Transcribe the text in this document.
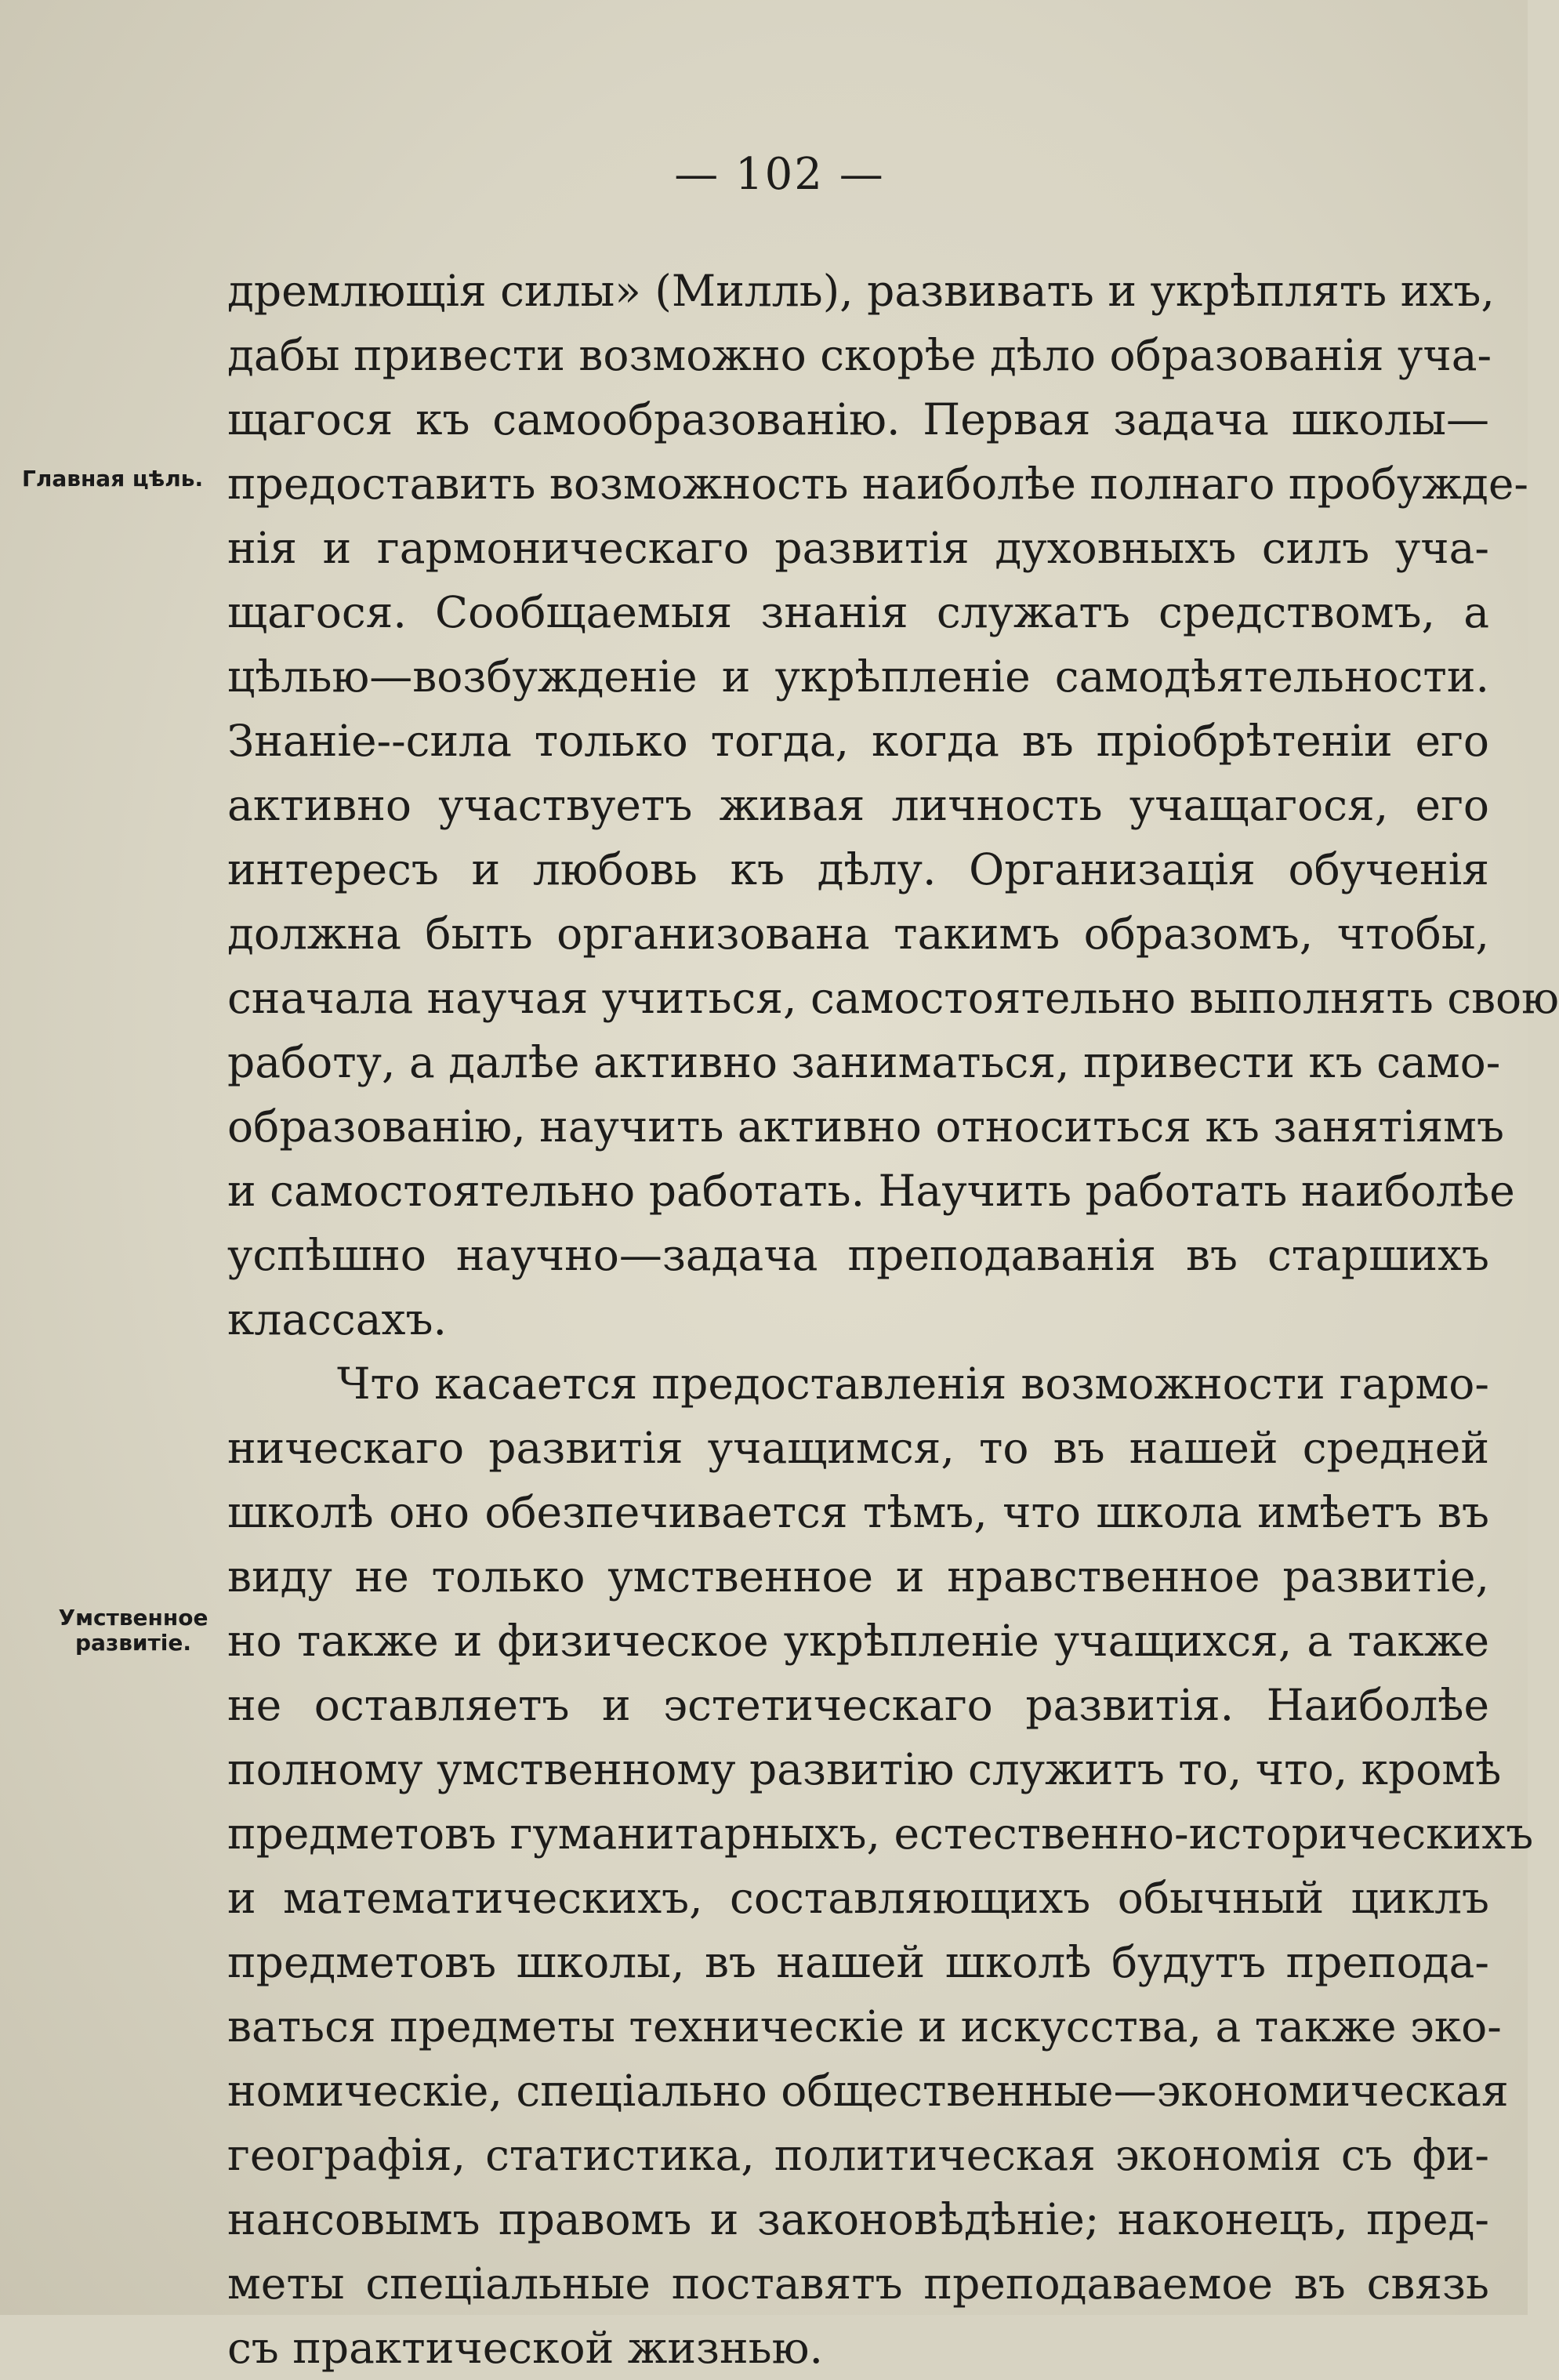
— 102 —
Главная цѣль.
Умственное
развитіе.
дремлющія силы» (Милль), развивать и укрѣплять ихъ,
дабы привести возможно скорѣе дѣло образованія уча-
щагося къ самообразованію. Первая задача школы—
предоставить возможность наиболѣе полнаго пробужде-
нія и гармоническаго развитія духовныхъ силъ уча-
щагося. Сообщаемыя знанія служатъ средствомъ, а
цѣлью—возбужденіе и укрѣпленіе самодѣятельности.
Знаніе--сила только тогда, когда въ пріобрѣтеніи его
активно участвуетъ живая личность учащагося, его
интересъ и любовь къ дѣлу. Организація обученія
должна быть организована такимъ образомъ, чтобы,
сначала научая учиться, самостоятельно выполнять свою
работу, а далѣе активно заниматься, привести къ само-
образованію, научить активно относиться къ занятіямъ
и самостоятельно работать. Научить работать наиболѣе
успѣшно научно—задача преподаванія въ старшихъ
классахъ.
Что касается предоставленія возможности гармо-
ническаго развитія учащимся, то въ нашей средней
школѣ оно обезпечивается тѣмъ, что школа имѣетъ въ
виду не только умственное и нравственное развитіе,
но также и физическое укрѣпленіе учащихся, а также
не оставляетъ и эстетическаго развитія. Наиболѣе
полному умственному развитію служитъ то, что, кромѣ
предметовъ гуманитарныхъ, естественно-историческихъ
и математическихъ, составляющихъ обычный циклъ
предметовъ школы, въ нашей школѣ будутъ препода-
ваться предметы техническіе и искусства, а также эко-
номическіе, спеціально общественные—экономическая
географія, статистика, политическая экономія съ фи-
нансовымъ правомъ и законовѣдѣніе; наконецъ, пред-
меты спеціальные поставятъ преподаваемое въ связь
съ практической жизнью.
